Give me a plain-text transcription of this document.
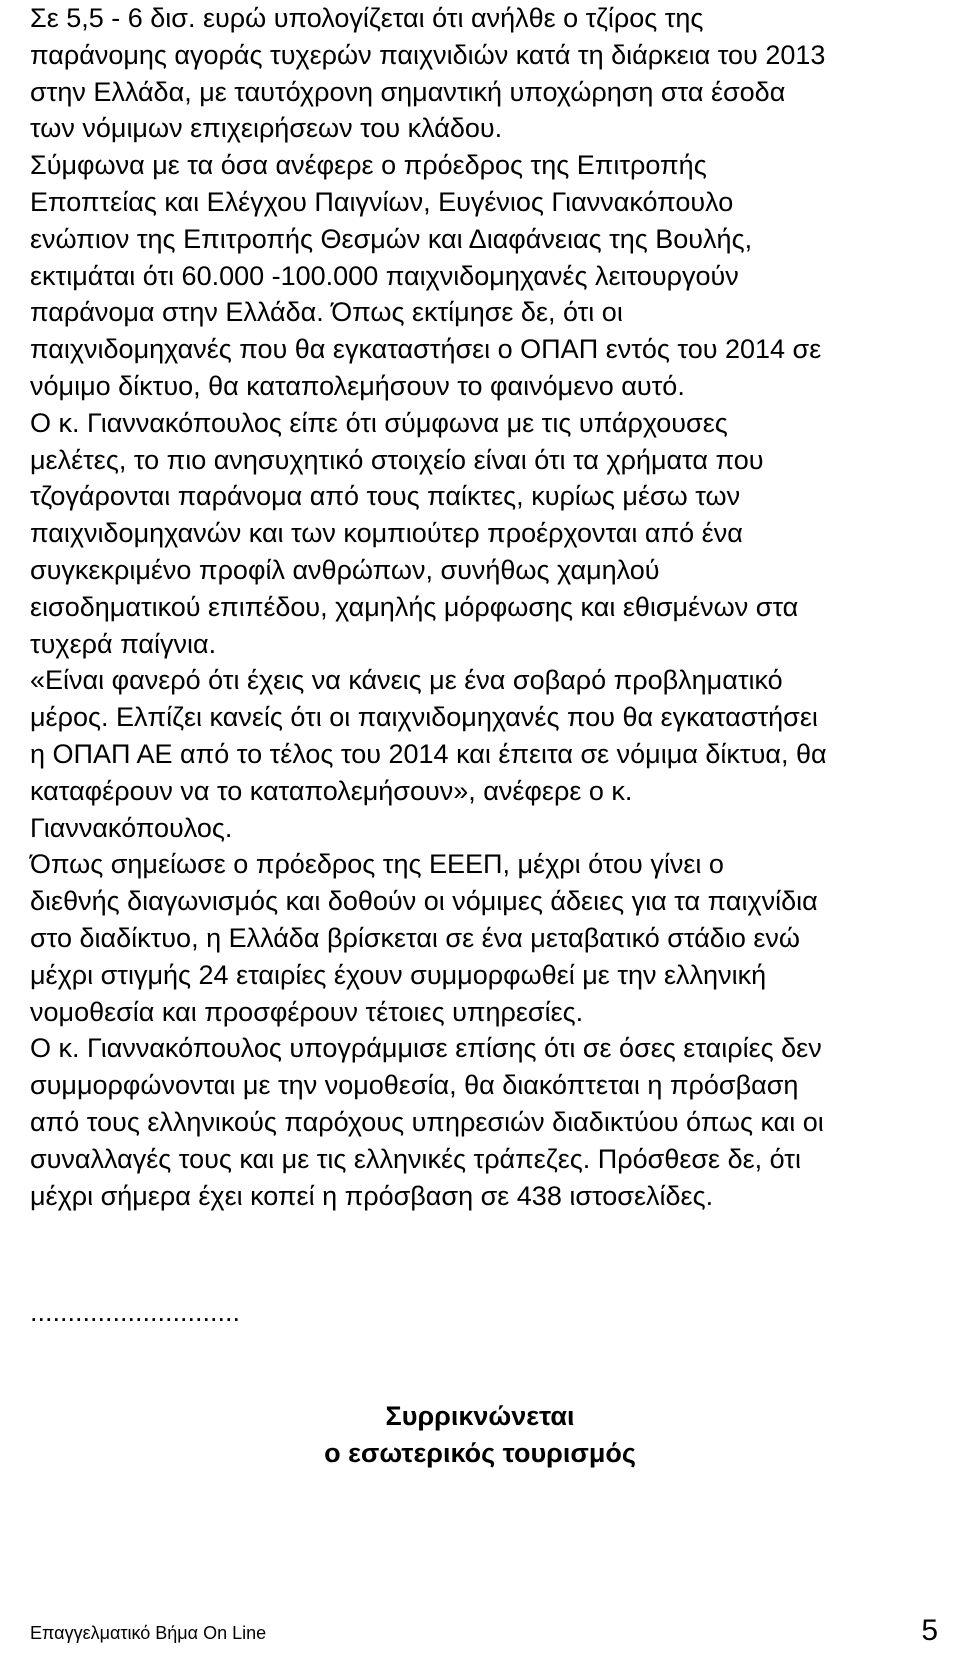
Σε 5,5 - 6 δισ. ευρώ υπολογίζεται ότι ανήλθε ο τζίρος της
παράνομης αγοράς τυχερών παιχνιδιών κατά τη διάρκεια του 2013
στην Ελλάδα, με ταυτόχρονη σημαντική υποχώρηση στα έσοδα
των νόμιμων επιχειρήσεων του κλάδου.
Σύμφωνα με τα όσα ανέφερε ο πρόεδρος της Επιτροπής
Εποπτείας και Ελέγχου Παιγνίων, Ευγένιος Γιαννακόπουλο
ενώπιον της Επιτροπής Θεσμών και Διαφάνειας της Βουλής,
εκτιμάται ότι 60.000 -100.000 παιχνιδομηχανές λειτουργούν
παράνομα στην Ελλάδα. Όπως εκτίμησε δε, ότι οι
παιχνιδομηχανές που θα εγκαταστήσει ο ΟΠΑΠ εντός του 2014 σε
νόμιμο δίκτυο, θα καταπολεμήσουν το φαινόμενο αυτό.
Ο κ. Γιαννακόπουλος είπε ότι σύμφωνα με τις υπάρχουσες
μελέτες, το πιο ανησυχητικό στοιχείο είναι ότι τα χρήματα που
τζογάρονται παράνομα από τους παίκτες, κυρίως μέσω των
παιχνιδομηχανών και των κομπιούτερ προέρχονται από ένα
συγκεκριμένο προφίλ ανθρώπων, συνήθως χαμηλού
εισοδηματικού επιπέδου, χαμηλής μόρφωσης και εθισμένων στα
τυχερά παίγνια.
«Είναι φανερό ότι έχεις να κάνεις με ένα σοβαρό προβληματικό
μέρος. Ελπίζει κανείς ότι οι παιχνιδομηχανές που θα εγκαταστήσει
η ΟΠΑΠ ΑΕ από το τέλος του 2014 και έπειτα σε νόμιμα δίκτυα, θα
καταφέρουν να το καταπολεμήσουν», ανέφερε ο κ.
Γιαννακόπουλος.
Όπως σημείωσε ο πρόεδρος της ΕΕΕΠ, μέχρι ότου γίνει ο
διεθνής διαγωνισμός και δοθούν οι νόμιμες άδειες για τα παιχνίδια
στο διαδίκτυο, η Ελλάδα βρίσκεται σε ένα μεταβατικό στάδιο ενώ
μέχρι στιγμής 24 εταιρίες έχουν συμμορφωθεί με την ελληνική
νομοθεσία και προσφέρουν τέτοιες υπηρεσίες.
Ο κ. Γιαννακόπουλος υπογράμμισε επίσης ότι σε όσες εταιρίες δεν
συμμορφώνονται με την νομοθεσία, θα διακόπτεται η πρόσβαση
από τους ελληνικούς παρόχους υπηρεσιών διαδικτύου όπως και οι
συναλλαγές τους και με τις ελληνικές τράπεζες. Πρόσθεσε δε, ότι
μέχρι σήμερα έχει κοπεί η πρόσβαση σε 438 ιστοσελίδες.

............................

Συρρικνώνεται
ο εσωτερικός τουρισμός
Επαγγελματικό Βήμα On Line	5
